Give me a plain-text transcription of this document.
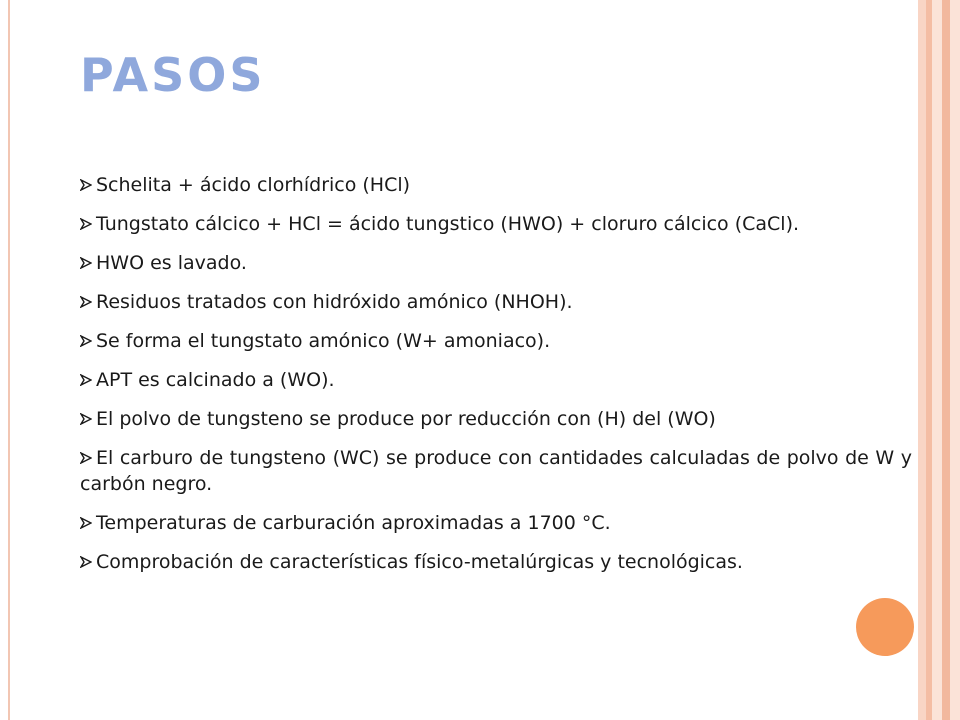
PASOS
Schelita + ácido clorhídrico (HCl)
Tungstato cálcico + HCl = ácido tungstico (HWO) + cloruro cálcico (CaCl).
HWO es lavado.
Residuos tratados con hidróxido amónico (NHOH).
Se forma el tungstato amónico (W+ amoniaco).
APT es calcinado a (WO).
El polvo de tungsteno se produce por reducción con (H) del (WO)
El carburo de tungsteno (WC) se produce con cantidades calculadas de polvo de W y carbón negro.
Temperaturas de carburación aproximadas a 1700 °C.
Comprobación de características físico-metalúrgicas y tecnológicas.
